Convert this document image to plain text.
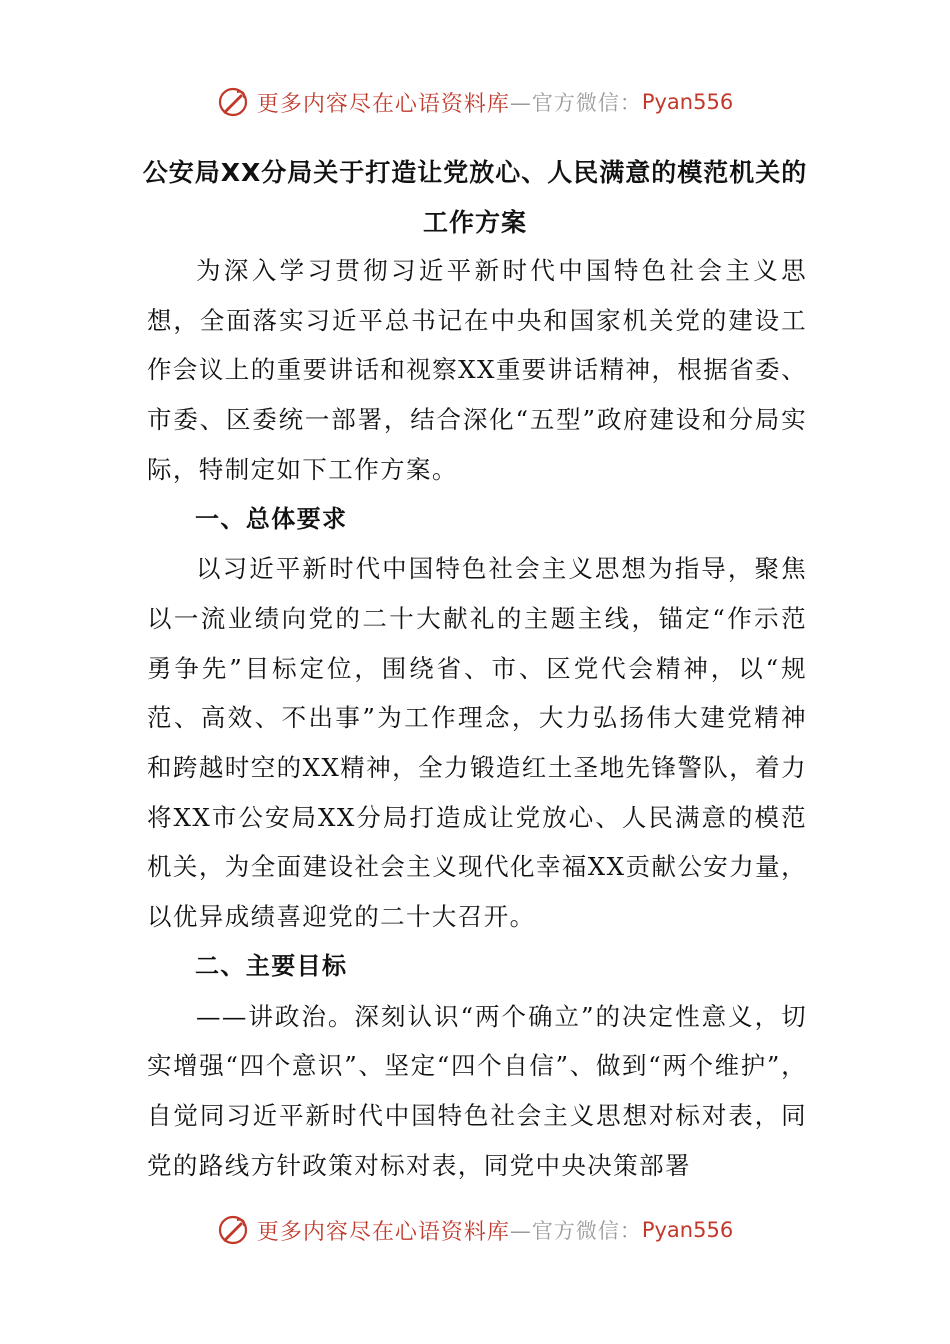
更多内容尽在心语资料库 —官方微信： Pyan556
公安局XX分局关于打造让党放心、人民满意的模范机关的
工作方案

为深入学习贯彻习近平新时代中国特色社会主义思想，全面落实习近平总书记在中央和国家机关党的建设工作会议上的重要讲话和视察XX重要讲话精神，根据省委、市委、区委统一部署，结合深化“五型”政府建设和分局实际，特制定如下工作方案。

一、总体要求

以习近平新时代中国特色社会主义思想为指导，聚焦以一流业绩向党的二十大献礼的主题主线，锚定“作示范勇争先”目标定位，围绕省、市、区党代会精神，以“规范、高效、不出事”为工作理念，大力弘扬伟大建党精神和跨越时空的XX精神，全力锻造红土圣地先锋警队，着力将XX市公安局XX分局打造成让党放心、人民满意的模范机关，为全面建设社会主义现代化幸福XX贡献公安力量，以优异成绩喜迎党的二十大召开。

二、主要目标

——讲政治。深刻认识“两个确立”的决定性意义，切实增强“四个意识”、坚定“四个自信”、做到“两个维护”，自觉同习近平新时代中国特色社会主义思想对标对表，同党的路线方针政策对标对表，同党中央决策部署

更多内容尽在心语资料库 —官方微信： Pyan556
